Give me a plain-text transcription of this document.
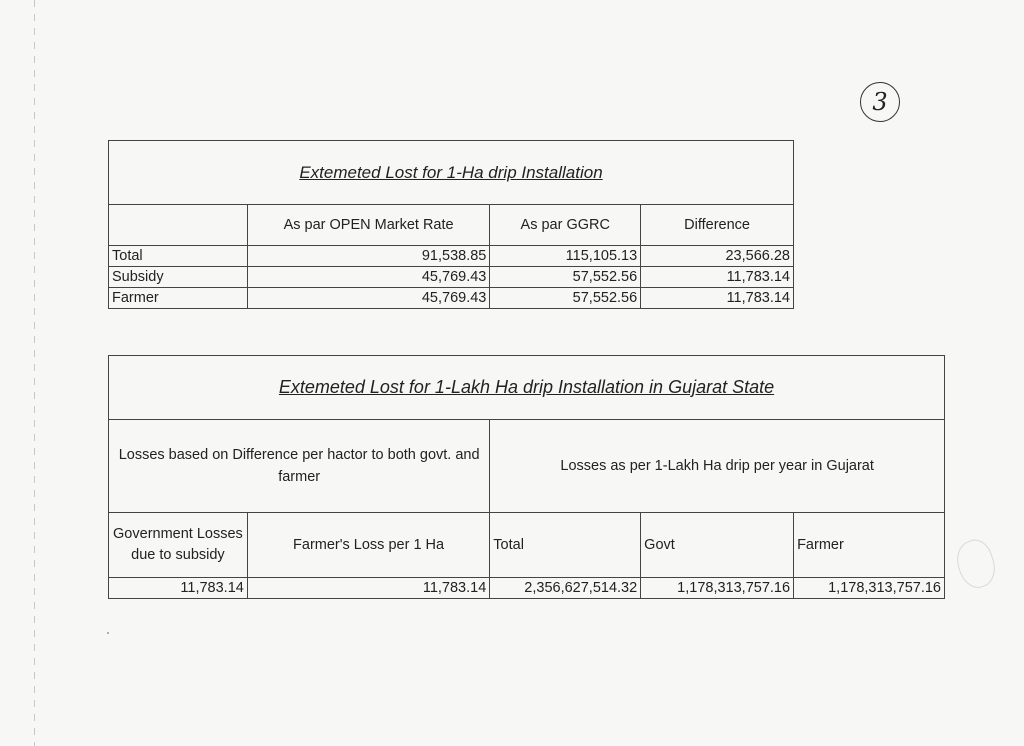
3
Extemeted Lost for 1-Ha drip Installation			
	As par OPEN Market Rate	As par GGRC	Difference
Total	91,538.85	115,105.13	23,566.28
Subsidy	45,769.43	57,552.56	11,783.14
Farmer	45,769.43	57,552.56	11,783.14
Extemeted Lost for 1-Lakh Ha drip Installation in Gujarat State				
Losses based on Difference per hactor to both govt. and farmer		Losses as per 1-Lakh Ha drip per year in Gujarat		
Government Losses due to subsidy	Farmer's Loss per 1 Ha	Total	Govt	Farmer
11,783.14	11,783.14	2,356,627,514.32	1,178,313,757.16	1,178,313,757.16
